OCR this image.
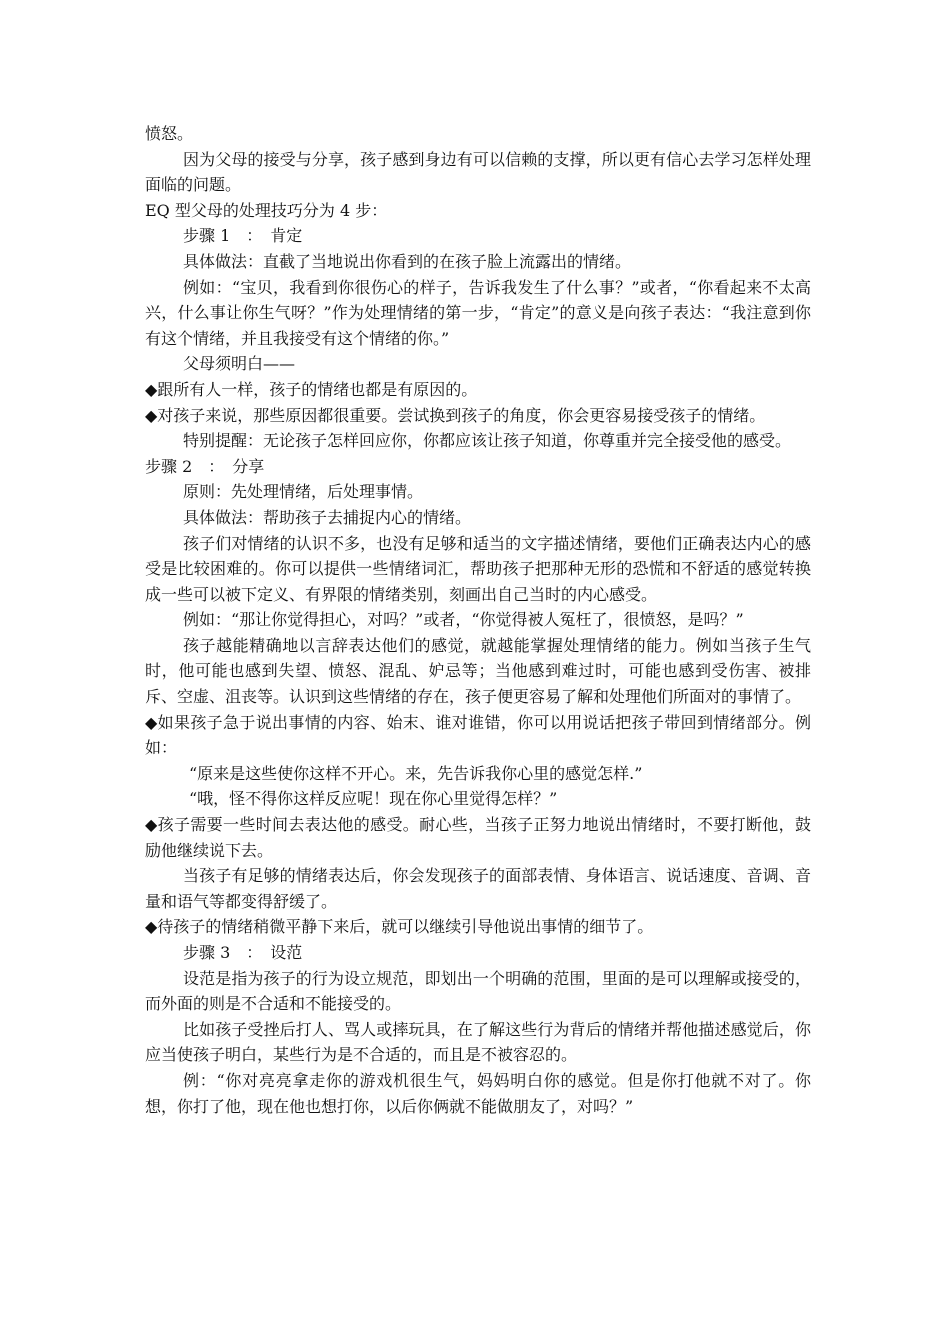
愤怒。

因为父母的接受与分享，孩子感到身边有可以信赖的支撑，所以更有信心去学习怎样处理面临的问题。

EQ 型父母的处理技巧分为 4 步：

步骤 1　：　肯定

具体做法：直截了当地说出你看到的在孩子脸上流露出的情绪。

例如：“宝贝，我看到你很伤心的样子，告诉我发生了什么事？”或者，“你看起来不太高兴，什么事让你生气呀？”作为处理情绪的第一步，“肯定”的意义是向孩子表达：“我注意到你有这个情绪，并且我接受有这个情绪的你。”

父母须明白——

◆跟所有人一样，孩子的情绪也都是有原因的。

◆对孩子来说，那些原因都很重要。尝试换到孩子的角度，你会更容易接受孩子的情绪。

特别提醒：无论孩子怎样回应你，你都应该让孩子知道，你尊重并完全接受他的感受。

步骤 2　：　分享

原则：先处理情绪，后处理事情。

具体做法：帮助孩子去捕捉内心的情绪。

孩子们对情绪的认识不多，也没有足够和适当的文字描述情绪，要他们正确表达内心的感受是比较困难的。你可以提供一些情绪词汇，帮助孩子把那种无形的恐慌和不舒适的感觉转换成一些可以被下定义、有界限的情绪类别，刻画出自己当时的内心感受。

例如：“那让你觉得担心，对吗？”或者，“你觉得被人冤枉了，很愤怒，是吗？”

孩子越能精确地以言辞表达他们的感觉，就越能掌握处理情绪的能力。例如当孩子生气时，他可能也感到失望、愤怒、混乱、妒忌等；当他感到难过时，可能也感到受伤害、被排斥、空虚、沮丧等。认识到这些情绪的存在，孩子便更容易了解和处理他们所面对的事情了。

◆如果孩子急于说出事情的内容、始末、谁对谁错，你可以用说话把孩子带回到情绪部分。例如：

“原来是这些使你这样不开心。来，先告诉我你心里的感觉怎样.”

“哦，怪不得你这样反应呢！现在你心里觉得怎样？”

◆孩子需要一些时间去表达他的感受。耐心些，当孩子正努力地说出情绪时，不要打断他，鼓励他继续说下去。

当孩子有足够的情绪表达后，你会发现孩子的面部表情、身体语言、说话速度、音调、音量和语气等都变得舒缓了。

◆待孩子的情绪稍微平静下来后，就可以继续引导他说出事情的细节了。

步骤 3　：　设范

设范是指为孩子的行为设立规范，即划出一个明确的范围，里面的是可以理解或接受的，而外面的则是不合适和不能接受的。

比如孩子受挫后打人、骂人或摔玩具，在了解这些行为背后的情绪并帮他描述感觉后，你应当使孩子明白，某些行为是不合适的，而且是不被容忍的。

例：“你对亮亮拿走你的游戏机很生气，妈妈明白你的感觉。但是你打他就不对了。你想，你打了他，现在他也想打你，以后你俩就不能做朋友了，对吗？”
